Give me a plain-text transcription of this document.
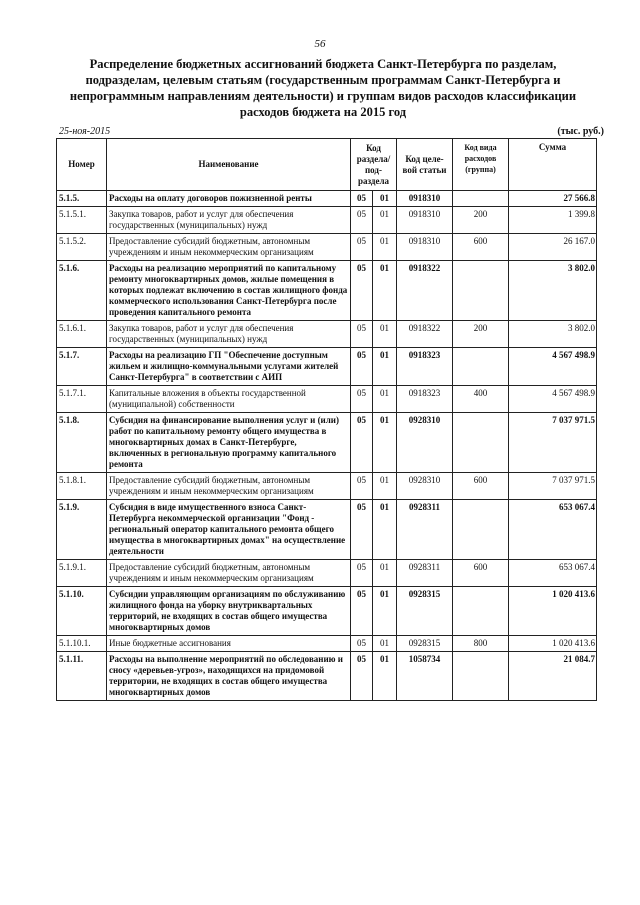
56
Распределение бюджетных ассигнований бюджета Санкт-Петербурга по разделам, подразделам, целевым статьям (государственным программам Санкт-Петербурга и непрограммным направлениям деятельности) и группам видов расходов классификации расходов бюджета на 2015 год
25-ноя-2015	(тыс. руб.)
Номер	Наименование	Код раздела/ под- раздела		Код целе- вой статьи	Код вида расходов (группа)	Сумма
5.1.5.	Расходы на оплату договоров пожизненной ренты	05	01	0918310		27 566.8
5.1.5.1.	Закупка товаров, работ и услуг для обеспечения государственных (муниципальных) нужд	05	01	0918310	200	1 399.8
5.1.5.2.	Предоставление субсидий бюджетным, автономным учреждениям и иным некоммерческим организациям	05	01	0918310	600	26 167.0
5.1.6.	Расходы на реализацию мероприятий по капитальному ремонту многоквартирных домов, жилые помещения в которых подлежат включению в состав жилищного фонда коммерческого использования Санкт-Петербурга после проведения капитального ремонта	05	01	0918322		3 802.0
5.1.6.1.	Закупка товаров, работ и услуг для обеспечения государственных (муниципальных) нужд	05	01	0918322	200	3 802.0
5.1.7.	Расходы на реализацию ГП "Обеспечение доступным жильем и жилищно-коммунальными услугами жителей Санкт-Петербурга" в соответствии с АИП	05	01	0918323		4 567 498.9
5.1.7.1.	Капитальные вложения в объекты государственной (муниципальной) собственности	05	01	0918323	400	4 567 498.9
5.1.8.	Субсидия на финансирование выполнения услуг и (или) работ по капитальному ремонту общего имущества в многоквартирных домах в Санкт-Петербурге, включенных в региональную программу капитального ремонта	05	01	0928310		7 037 971.5
5.1.8.1.	Предоставление субсидий бюджетным, автономным учреждениям и иным некоммерческим организациям	05	01	0928310	600	7 037 971.5
5.1.9.	Субсидия в виде имущественного взноса Санкт-Петербурга некоммерческой организации "Фонд - региональный оператор капитального ремонта общего имущества в многоквартирных домах" на осуществление деятельности	05	01	0928311		653 067.4
5.1.9.1.	Предоставление субсидий бюджетным, автономным учреждениям и иным некоммерческим организациям	05	01	0928311	600	653 067.4
5.1.10.	Субсидии управляющим организациям по обслуживанию жилищного фонда на уборку внутриквартальных территорий, не входящих в состав общего имущества многоквартирных домов	05	01	0928315		1 020 413.6
5.1.10.1.	Иные бюджетные ассигнования	05	01	0928315	800	1 020 413.6
5.1.11.	Расходы на выполнение мероприятий по обследованию и сносу «деревьев-угроз», находящихся на придомовой территории, не входящих в состав общего имущества многоквартирных домов	05	01	1058734		21 084.7
